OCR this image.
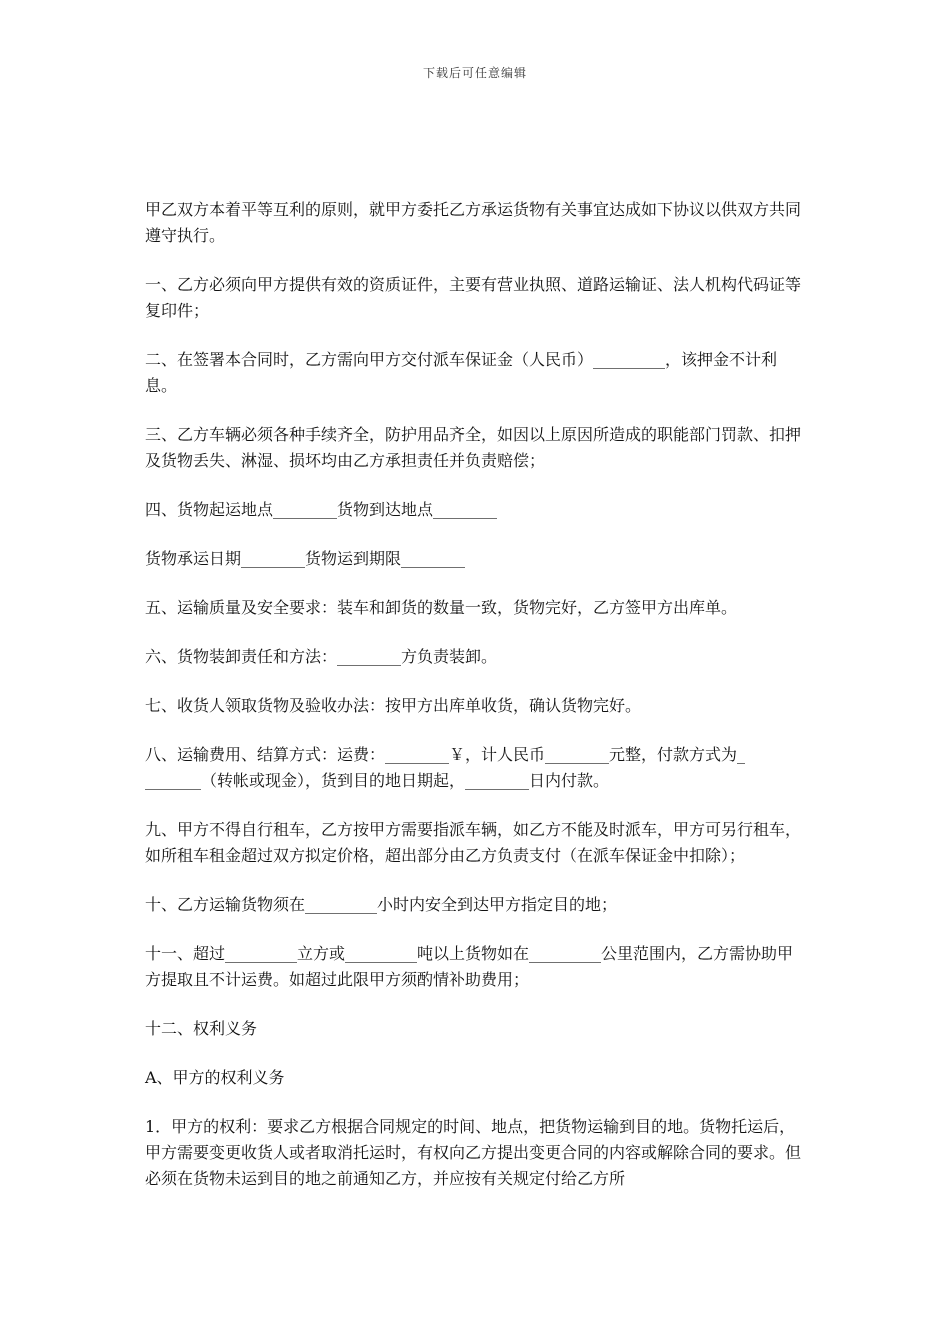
下载后可任意编辑

甲乙双方本着平等互利的原则，就甲方委托乙方承运货物有关事宜达成如下协议以供双方共同遵守执行。

一、乙方必须向甲方提供有效的资质证件，主要有营业执照、道路运输证、法人机构代码证等复印件；

二、在签署本合同时，乙方需向甲方交付派车保证金（人民币）_________，该押金不计利息。

三、乙方车辆必须各种手续齐全，防护用品齐全，如因以上原因所造成的职能部门罚款、扣押及货物丢失、淋湿、损坏均由乙方承担责任并负责赔偿；

四、货物起运地点________货物到达地点________

货物承运日期________货物运到期限________

五、运输质量及安全要求：装车和卸货的数量一致，货物完好，乙方签甲方出库单。

六、货物装卸责任和方法：________方负责装卸。

七、收货人领取货物及验收办法：按甲方出库单收货，确认货物完好。

八、运输费用、结算方式：运费：________￥，计人民币________元整，付款方式为_
_______（转帐或现金），货到目的地日期起，________日内付款。

九、甲方不得自行租车，乙方按甲方需要指派车辆，如乙方不能及时派车，甲方可另行租车，如所租车租金超过双方拟定价格，超出部分由乙方负责支付（在派车保证金中扣除）；

十、乙方运输货物须在_________小时内安全到达甲方指定目的地；

十一、超过_________立方或_________吨以上货物如在_________公里范围内，乙方需协助甲方提取且不计运费。如超过此限甲方须酌情补助费用；

十二、权利义务

A、甲方的权利义务

1．甲方的权利：要求乙方根据合同规定的时间、地点，把货物运输到目的地。货物托运后，甲方需要变更收货人或者取消托运时，有权向乙方提出变更合同的内容或解除合同的要求。但必须在货物未运到目的地之前通知乙方，并应按有关规定付给乙方所
